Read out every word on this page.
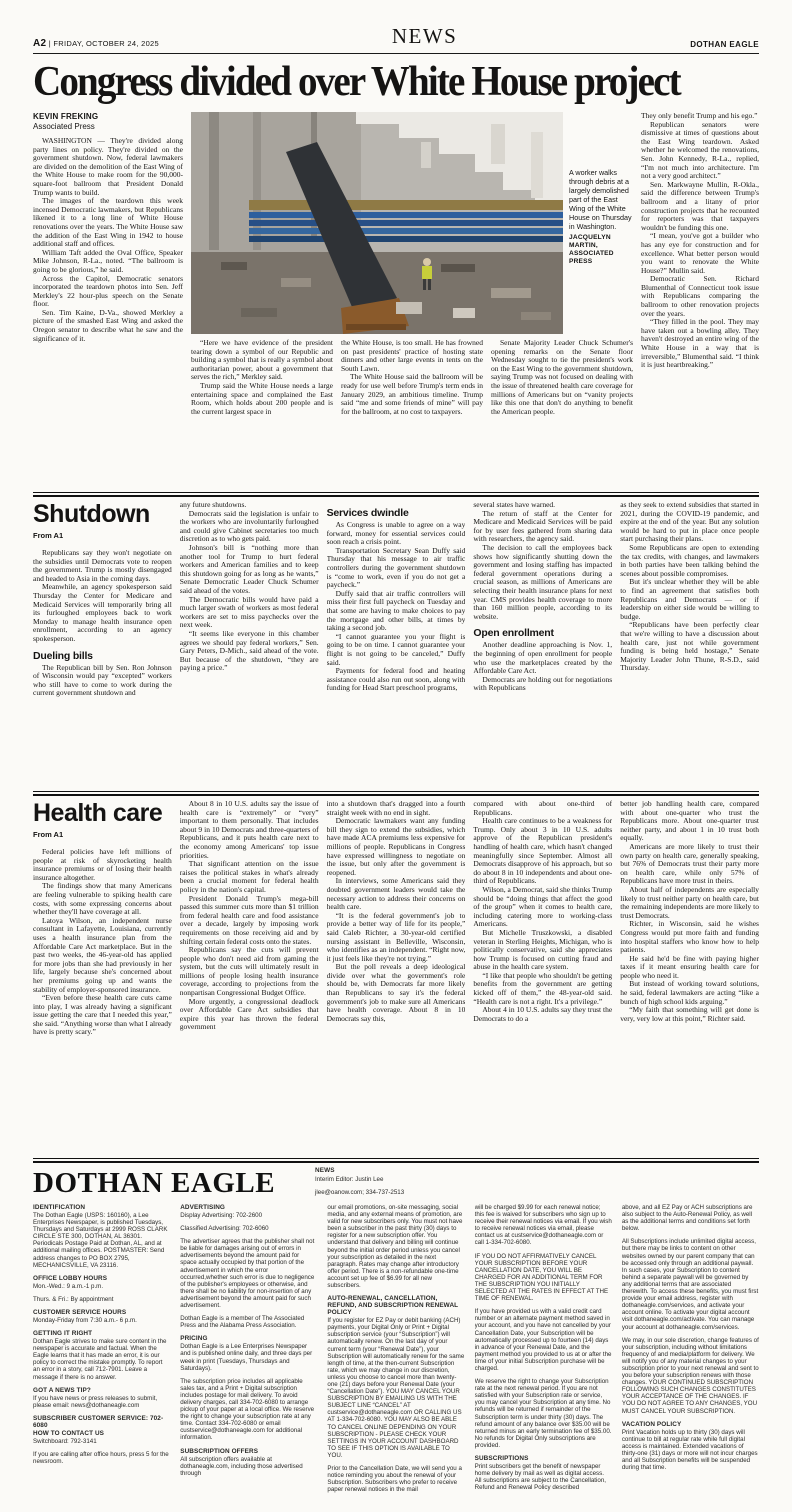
A2 | FRIDAY, OCTOBER 24, 2025	NEWS	DOTHAN EAGLE
Congress divided over White House project
KEVIN FREKING
Associated Press

WASHINGTON — They're divided along party lines on policy. They're divided on the government shutdown. Now, federal lawmakers are divided on the demolition of the East Wing of the White House to make room for the 90,000-square-foot ballroom that President Donald Trump wants to build.

The images of the teardown this week incensed Democratic lawmakers, but Republicans likened it to a long line of White House renovations over the years. The White House saw the addition of the East Wing in 1942 to house additional staff and offices.

William Taft added the Oval Office, Speaker Mike Johnson, R-La., noted. “The ballroom is going to be glorious,” he said.

Across the Capitol, Democratic senators incorporated the teardown photos into Sen. Jeff Merkley's 22 hour-plus speech on the Senate floor.

Sen. Tim Kaine, D-Va., showed Merkley a picture of the smashed East Wing and asked the Oregon senator to describe what he saw and the significance of it.

A worker walks through debris at a largely demolished part of the East Wing of the White House on Thursday in Washington.
JACQUELYN MARTIN, ASSOCIATED PRESS

“Here we have evidence of the president tearing down a symbol of our Republic and building a symbol that is really a symbol about authoritarian power, about a government that serves the rich,” Merkley said.

Trump said the White House needs a large entertaining space and complained the East Room, which holds about 200 people and is the current largest space in

the White House, is too small. He has frowned on past presidents' practice of hosting state dinners and other large events in tents on the South Lawn.

The White House said the ballroom will be ready for use well before Trump's term ends in January 2029, an ambitious timeline. Trump said “me and some friends of mine” will pay for the ballroom, at no cost to taxpayers.

Senate Majority Leader Chuck Schumer's opening remarks on the Senate floor Wednesday sought to tie the president's work on the East Wing to the government shutdown, saying Trump was not focused on dealing with the issue of threatened health care coverage for millions of Americans but on “vanity projects like this one that don't do anything to benefit the American people.

They only benefit Trump and his ego.”

Republican senators were dismissive at times of questions about the East Wing teardown. Asked whether he welcomed the renovations, Sen. John Kennedy, R-La., replied, “I'm not much into architecture. I'm not a very good architect.”

Sen. Markwayne Mullin, R-Okla., said the difference between Trump's ballroom and a litany of prior construction projects that he recounted for reporters was that taxpayers wouldn't be funding this one.

“I mean, you've got a builder who has any eye for construction and for excellence. What better person would you want to renovate the White House?” Mullin said.

Democratic Sen. Richard Blumenthal of Connecticut took issue with Republicans comparing the ballroom to other renovation projects over the years.

“They filled in the pool. They may have taken out a bowling alley. They haven't destroyed an entire wing of the White House in a way that is irreversible,” Blumenthal said. “I think it is just heartbreaking.”

Shutdown
From A1

Republicans say they won't negotiate on the subsidies until Democrats vote to reopen the government. Trump is mostly disengaged and headed to Asia in the coming days.

Meanwhile, an agency spokesperson said Thursday the Center for Medicare and Medicaid Services will temporarily bring all its furloughed employees back to work Monday to manage health insurance open enrollment, according to an agency spokesperson.

Dueling bills

The Republican bill by Sen. Ron Johnson of Wisconsin would pay “excepted” workers who still have to come to work during the current government shutdown and

any future shutdowns.

Democrats said the legislation is unfair to the workers who are involuntarily furloughed and could give Cabinet secretaries too much discretion as to who gets paid.

Johnson's bill is “nothing more than another tool for Trump to hurt federal workers and American families and to keep this shutdown going for as long as he wants,” Senate Democratic Leader Chuck Schumer said ahead of the votes.

The Democratic bills would have paid a much larger swath of workers as most federal workers are set to miss paychecks over the next week.

“It seems like everyone in this chamber agrees we should pay federal workers,” Sen. Gary Peters, D-Mich., said ahead of the vote. But because of the shutdown, “they are paying a price.”

Services dwindle

As Congress is unable to agree on a way forward, money for essential services could soon reach a crisis point.

Transportation Secretary Sean Duffy said Thursday that his message to air traffic controllers during the government shutdown is “come to work, even if you do not get a paycheck.”

Duffy said that air traffic controllers will miss their first full paycheck on Tuesday and that some are having to make choices to pay the mortgage and other bills, at times by taking a second job.

“I cannot guarantee you your flight is going to be on time. I cannot guarantee your flight is not going to be canceled,” Duffy said.

Payments for federal food and heating assistance could also run out soon, along with funding for Head Start preschool programs,

several states have warned.

The return of staff at the Center for Medicare and Medicaid Services will be paid for by user fees gathered from sharing data with researchers, the agency said.

The decision to call the employees back shows how significantly shutting down the government and losing staffing has impacted federal government operations during a crucial season, as millions of Americans are selecting their health insurance plans for next year. CMS provides health coverage to more than 160 million people, according to its website.

Open enrollment

Another deadline approaching is Nov. 1, the beginning of open enrollment for people who use the marketplaces created by the Affordable Care Act.

Democrats are holding out for negotiations with Republicans

as they seek to extend subsidies that started in 2021, during the COVID-19 pandemic, and expire at the end of the year. But any solution would be hard to put in place once people start purchasing their plans.

Some Republicans are open to extending the tax credits, with changes, and lawmakers in both parties have been talking behind the scenes about possible compromises.

But it's unclear whether they will be able to find an agreement that satisfies both Republicans and Democrats — or if leadership on either side would be willing to budge.

“Republicans have been perfectly clear that we're willing to have a discussion about health care, just not while government funding is being held hostage,” Senate Majority Leader John Thune, R-S.D., said Thursday.

Health care
From A1

Federal policies have left millions of people at risk of skyrocketing health insurance premiums or of losing their health insurance altogether.

The findings show that many Americans are feeling vulnerable to spiking health care costs, with some expressing concerns about whether they'll have coverage at all.

Latoya Wilson, an independent nurse consultant in Lafayette, Louisiana, currently uses a health insurance plan from the Affordable Care Act marketplace. But in the past two weeks, the 46-year-old has applied for more jobs than she had previously in her life, largely because she's concerned about her premiums going up and wants the stability of employer-sponsored insurance.

“Even before these health care cuts came into play, I was already having a significant issue getting the care that I needed this year,” she said. “Anything worse than what I already have is pretty scary.”

About 8 in 10 U.S. adults say the issue of health care is “extremely” or “very” important to them personally. That includes about 9 in 10 Democrats and three-quarters of Republicans, and it puts health care next to the economy among Americans' top issue priorities.

That significant attention on the issue raises the political stakes in what's already been a crucial moment for federal health policy in the nation's capital.

President Donald Trump's mega-bill passed this summer cuts more than $1 trillion from federal health care and food assistance over a decade, largely by imposing work requirements on those receiving aid and by shifting certain federal costs onto the states.

Republicans say the cuts will prevent people who don't need aid from gaming the system, but the cuts will ultimately result in millions of people losing health insurance coverage, according to projections from the nonpartisan Congressional Budget Office.

More urgently, a congressional deadlock over Affordable Care Act subsidies that expire this year has thrown the federal government

into a shutdown that's dragged into a fourth straight week with no end in sight.

Democratic lawmakers want any funding bill they sign to extend the subsidies, which have made ACA premiums less expensive for millions of people. Republicans in Congress have expressed willingness to negotiate on the issue, but only after the government is reopened.

In interviews, some Americans said they doubted government leaders would take the necessary action to address their concerns on health care.

“It is the federal government's job to provide a better way of life for its people,” said Caleb Richter, a 30-year-old certified nursing assistant in Belleville, Wisconsin, who identifies as an independent. “Right now, it just feels like they're not trying.”

But the poll reveals a deep ideological divide over what the government's role should be, with Democrats far more likely than Republicans to say it's the federal government's job to make sure all Americans have health coverage. About 8 in 10 Democrats say this,

compared with about one-third of Republicans.

Health care continues to be a weakness for Trump. Only about 3 in 10 U.S. adults approve of the Republican president's handling of health care, which hasn't changed meaningfully since September. Almost all Democrats disapprove of his approach, but so do about 8 in 10 independents and about one-third of Republicans.

Wilson, a Democrat, said she thinks Trump should be “doing things that affect the good of the group” when it comes to health care, including catering more to working-class Americans.

But Michelle Truszkowski, a disabled veteran in Sterling Heights, Michigan, who is politically conservative, said she appreciates how Trump is focused on cutting fraud and abuse in the health care system.

“I like that people who shouldn't be getting benefits from the government are getting kicked off of them,” the 48-year-old said. “Health care is not a right. It's a privilege.”

About 4 in 10 U.S. adults say they trust the Democrats to do a

better job handling health care, compared with about one-quarter who trust the Republicans more. About one-quarter trust neither party, and about 1 in 10 trust both equally.

Americans are more likely to trust their own party on health care, generally speaking, but 76% of Democrats trust their party more on health care, while only 57% of Republicans have more trust in theirs.

About half of independents are especially likely to trust neither party on health care, but the remaining independents are more likely to trust Democrats.

Richter, in Wisconsin, said he wishes Congress would put more faith and funding into hospital staffers who know how to help patients.

He said he'd be fine with paying higher taxes if it meant ensuring health care for people who need it.

But instead of working toward solutions, he said, federal lawmakers are acting “like a bunch of high school kids arguing.”

“My faith that something will get done is very, very low at this point,” Richter said.

DOTHAN EAGLE	NEWS

Interim Editor: Justin Lee

jlee@oanow.com; 334-737-2513

IDENTIFICATION

The Dothan Eagle (USPS: 160160), a Lee Enterprises Newspaper, is published Tuesdays, Thursdays and Saturdays at 2999 ROSS CLARK CIRCLE STE 300, DOTHAN, AL 36301. Periodicals Postage Paid at Dothan, AL, and at additional mailing offices. POSTMASTER: Send address changes to PO BOX 2795, MECHANICSVILLE, VA 23116.

OFFICE LOBBY HOURS

Mon.-Wed.: 9 a.m.-1 p.m.

Thurs. & Fri.: By appointment

CUSTOMER SERVICE HOURS

Monday-Friday from 7:30 a.m.- 6 p.m.

GETTING IT RIGHT

Dothan Eagle strives to make sure content in the newspaper is accurate and factual. When the Eagle learns that it has made an error, it is our policy to correct the mistake promptly. To report an error in a story, call 712-7901. Leave a message if there is no answer.

GOT A NEWS TIP?

If you have news or press releases to submit, please email: news@dothaneagle.com

SUBSCRIBER CUSTOMER SERVICE: 702-6080
HOW TO CONTACT US

Switchboard: 792-3141

If you are calling after office hours, press 5 for the newsroom.

ADVERTISING

Display Advertising: 702-2600

Classified Advertising: 702-6060

The advertiser agrees that the publisher shall not be liable for damages arising out of errors in advertisements beyond the amount paid for space actually occupied by that portion of the advertisement in which the error occurred,whether such error is due to negligence of the publisher's employees or otherwise, and there shall be no liability for non-insertion of any advertisement beyond the amount paid for such advertisement.

Dothan Eagle is a member of The Associated Press and the Alabama Press Association.

PRICING

Dothan Eagle is a Lee Enterprises Newspaper and is published online daily, and three days per week in print (Tuesdays, Thursdays and Saturdays).

The subscription price includes all applicable sales tax, and a Print + Digital subscription includes postage for mail delivery. To avoid delivery charges, call 334-702-6080 to arrange pickup of your paper at a local office. We reserve the right to change your subscription rate at any time. Contact 334-702-6080 or email custservice@dothaneagle.com for additional information.

SUBSCRIPTION OFFERS

All subscription offers available at dothaneagle.com, including those advertised through

our email promotions, on-site messaging, social media, and any external means of promotion, are valid for new subscribers only. You must not have been a subscriber in the past thirty (30) days to register for a new subscription offer. You understand that delivery and billing will continue beyond the initial order period unless you cancel your subscription as detailed in the next paragraph. Rates may change after introductory offer period. There is a non-refundable one-time account set up fee of $6.99 for all new subscribers.

AUTO-RENEWAL, CANCELLATION, REFUND, AND SUBSCRIPTION RENEWAL POLICY

If you register for EZ Pay or debit banking (ACH) payments, your Digital Only or Print + Digital subscription service (your “Subscription”) will automatically renew. On the last day of your current term (your “Renewal Date”), your Subscription will automatically renew for the same length of time, at the then-current Subscription rate, which we may change in our discretion, unless you choose to cancel more than twenty-one (21) days before your Renewal Date (your “Cancellation Date”). YOU MAY CANCEL YOUR SUBSCRIPTION BY EMAILING US WITH THE SUBJECT LINE “CANCEL” AT custservice@dothaneagle.com OR CALLING US AT 1-334-702-6080. YOU MAY ALSO BE ABLE TO CANCEL ONLINE DEPENDING ON YOUR SUBSCRIPTION - PLEASE CHECK YOUR SETTINGS IN YOUR ACCOUNT DASHBOARD TO SEE IF THIS OPTION IS AVAILABLE TO YOU.

Prior to the Cancellation Date, we will send you a notice reminding you about the renewal of your Subscription. Subscribers who prefer to receive paper renewal notices in the mail

will be charged $9.99 for each renewal notice; this fee is waived for subscribers who sign up to receive their renewal notices via email. If you wish to receive renewal notices via email, please contact us at custservice@dothaneagle.com or call 1-334-702-6080.

IF YOU DO NOT AFFIRMATIVELY CANCEL YOUR SUBSCRIPTION BEFORE YOUR CANCELLATION DATE, YOU WILL BE CHARGED FOR AN ADDITIONAL TERM FOR THE SUBSCRIPTION YOU INITIALLY SELECTED AT THE RATES IN EFFECT AT THE TIME OF RENEWAL.

If you have provided us with a valid credit card number or an alternate payment method saved in your account, and you have not cancelled by your Cancellation Date, your Subscription will be automatically processed up to fourteen (14) days in advance of your Renewal Date, and the payment method you provided to us at or after the time of your initial Subscription purchase will be charged.

We reserve the right to change your Subscription rate at the next renewal period. If you are not satisfied with your Subscription rate or service, you may cancel your Subscription at any time. No refunds will be returned if remainder of the Subscription term is under thirty (30) days. The refund amount of any balance over $35.00 will be returned minus an early termination fee of $35.00. No refunds for Digital Only subscriptions are provided.

SUBSCRIPTIONS

Print subscribers get the benefit of newspaper home delivery by mail as well as digital access. All subscriptions are subject to the Cancellation, Refund and Renewal Policy described

above, and all EZ Pay or ACH subscriptions are also subject to the Auto-Renewal Policy, as well as the additional terms and conditions set forth below.

All Subscriptions include unlimited digital access, but there may be links to content on other websites owned by our parent company that can be accessed only through an additional paywall. In such cases, your Subscription to content behind a separate paywall will be governed by any additional terms that are associated therewith. To access these benefits, you must first provide your email address, register with dothaneagle.com/services, and activate your account online. To activate your digital account visit dothaneagle.com/activate. You can manage your account at dothaneagle.com/services.

We may, in our sole discretion, change features of your subscription, including without limitations frequency of and media/platform for delivery. We will notify you of any material changes to your subscription prior to your next renewal and sent to you before your subscription renews with those changes. YOUR CONTINUED SUBSCRIPTION FOLLOWING SUCH CHANGES CONSTITUTES YOUR ACCEPTANCE OF THE CHANGES. IF YOU DO NOT AGREE TO ANY CHANGES, YOU MUST CANCEL YOUR SUBSCRIPTION.

VACATION POLICY

Print Vacation holds up to thirty (30) days will continue to bill at regular rate while full digital access is maintained. Extended vacations of thirty-one (31) days or more will not incur charges and all Subscription benefits will be suspended during that time.
